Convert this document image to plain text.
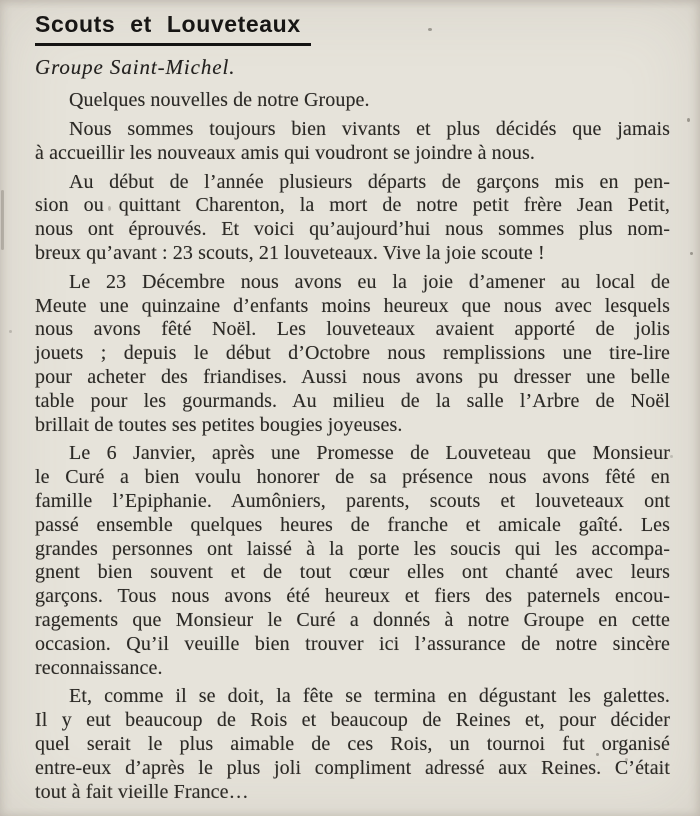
Scouts et Louveteaux
Groupe Saint-Michel.

Quelques nouvelles de notre Groupe.

Nous sommes toujours bien vivants et plus décidés que jamais
à accueillir les nouveaux amis qui voudront se joindre à nous.

Au début de l’année plusieurs départs de garçons mis en pen-
sion ou quittant Charenton, la mort de notre petit frère Jean Petit,
nous ont éprouvés. Et voici qu’aujourd’hui nous sommes plus nom-
breux qu’avant : 23 scouts, 21 louveteaux. Vive la joie scoute !

Le 23 Décembre nous avons eu la joie d’amener au local de
Meute une quinzaine d’enfants moins heureux que nous avec lesquels
nous avons fêté Noël. Les louveteaux avaient apporté de jolis
jouets ; depuis le début d’Octobre nous remplissions une tire-lire
pour acheter des friandises. Aussi nous avons pu dresser une belle
table pour les gourmands. Au milieu de la salle l’Arbre de Noël
brillait de toutes ses petites bougies joyeuses.

Le 6 Janvier, après une Promesse de Louveteau que Monsieur
le Curé a bien voulu honorer de sa présence nous avons fêté en
famille l’Epiphanie. Aumôniers, parents, scouts et louveteaux ont
passé ensemble quelques heures de franche et amicale gaîté. Les
grandes personnes ont laissé à la porte les soucis qui les accompa-
gnent bien souvent et de tout cœur elles ont chanté avec leurs
garçons. Tous nous avons été heureux et fiers des paternels encou-
ragements que Monsieur le Curé a donnés à notre Groupe en cette
occasion. Qu’il veuille bien trouver ici l’assurance de notre sincère
reconnaissance.

Et, comme il se doit, la fête se termina en dégustant les galettes.
Il y eut beaucoup de Rois et beaucoup de Reines et, pour décider
quel serait le plus aimable de ces Rois, un tournoi fut organisé
entre-eux d’après le plus joli compliment adressé aux Reines. C’était
tout à fait vieille France…
